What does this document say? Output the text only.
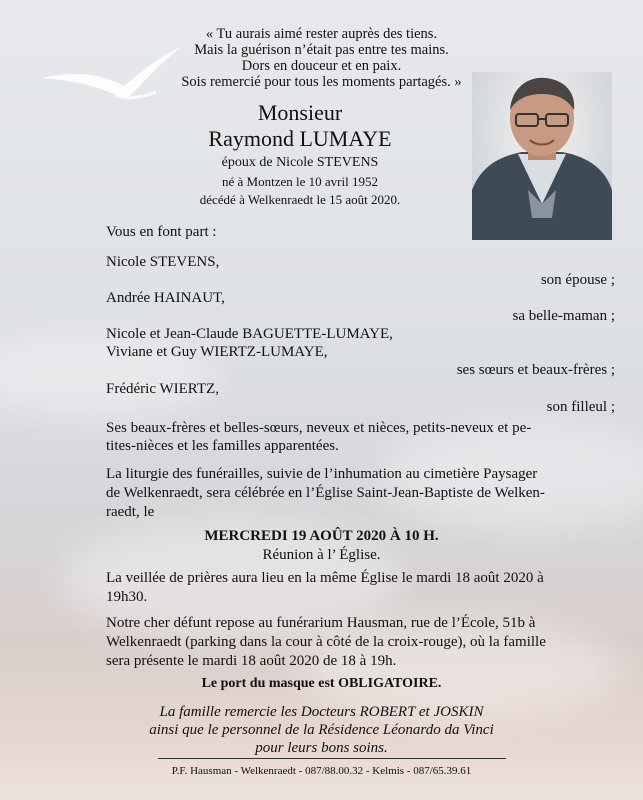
« Tu aurais aimé rester auprès des tiens.
Mais la guérison n’était pas entre tes mains.
Dors en douceur et en paix.
Sois remercié pour tous les moments partagés. »
Monsieur
Raymond LUMAYE
époux de Nicole STEVENS
né à Montzen le 10 avril 1952
décédé à Welkenraedt le 15 août 2020.
Vous en font part :
Nicole STEVENS,
son épouse ;
Andrée HAINAUT,
sa belle-maman ;
Nicole et Jean-Claude BAGUETTE-LUMAYE,
Viviane et Guy WIERTZ-LUMAYE,
ses sœurs et beaux-frères ;
Frédéric WIERTZ,
son filleul ;
Ses beaux-frères et belles-sœurs, neveux et nièces, petits-neveux et pe-
tites-nièces et les familles apparentées.
La liturgie des funérailles, suivie de l’inhumation au cimetière Paysager
de Welkenraedt, sera célébrée en l’Église Saint-Jean-Baptiste de Welken-
raedt, le
MERCREDI 19 AOÛT 2020 À 10 H.
Réunion à l’ Église.
La veillée de prières aura lieu en la même Église le mardi 18 août 2020 à
19h30.
Notre cher défunt repose au funérarium Hausman, rue de l’École, 51b à
Welkenraedt (parking dans la cour à côté de la croix-rouge), où la famille
sera présente le mardi 18 août 2020 de 18 à 19h.
Le port du masque est OBLIGATOIRE.
La famille remercie les Docteurs ROBERT et JOSKIN
ainsi que le personnel de la Résidence Léonardo da Vinci
pour leurs bons soins.
P.F. Hausman - Welkenraedt - 087/88.00.32 - Kelmis - 087/65.39.61
